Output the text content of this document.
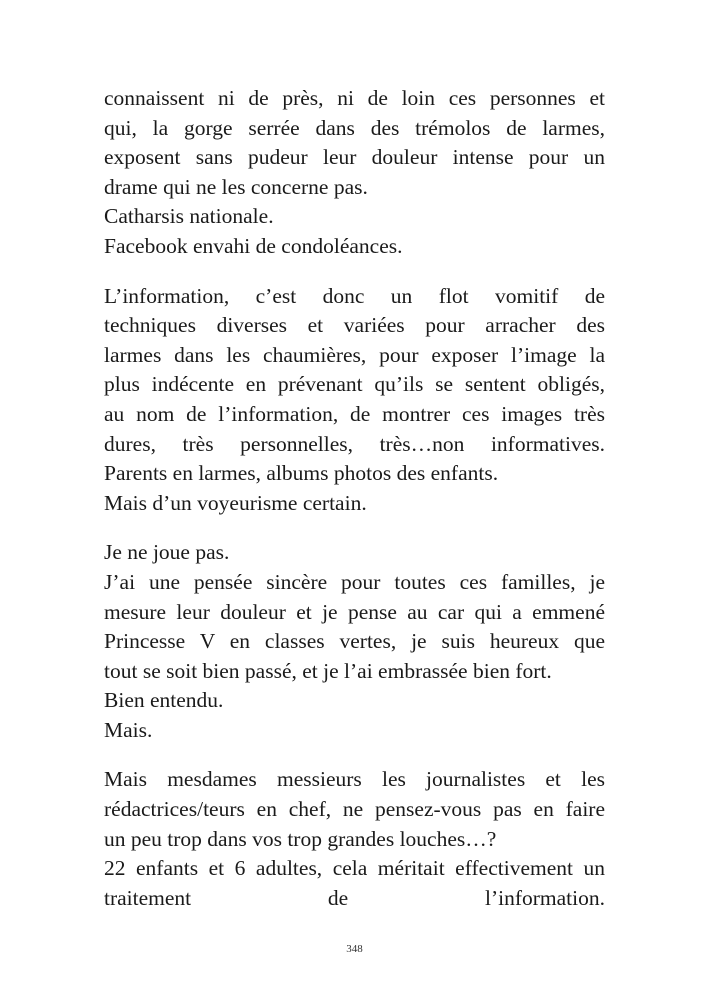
connaissent ni de près, ni de loin ces personnes et
qui, la gorge serrée dans des trémolos de larmes,
exposent sans pudeur leur douleur intense pour un
drame qui ne les concerne pas.
Catharsis nationale.
Facebook envahi de condoléances.
L’information, c’est donc un flot vomitif de
techniques diverses et variées pour arracher des
larmes dans les chaumières, pour exposer l’image la
plus indécente en prévenant qu’ils se sentent obligés,
au nom de l’information, de montrer ces images très
dures, très personnelles, très…non informatives.
Parents en larmes, albums photos des enfants.
Mais d’un voyeurisme certain.
Je ne joue pas.
J’ai une pensée sincère pour toutes ces familles, je
mesure leur douleur et je pense au car qui a emmené
Princesse V en classes vertes, je suis heureux que
tout se soit bien passé, et je l’ai embrassée bien fort.
Bien entendu.
Mais.
Mais mesdames messieurs les journalistes et les
rédactrices/teurs en chef, ne pensez-vous pas en faire
un peu trop dans vos trop grandes louches…?
22 enfants et 6 adultes, cela méritait effectivement un
traitement de l’information.
348
